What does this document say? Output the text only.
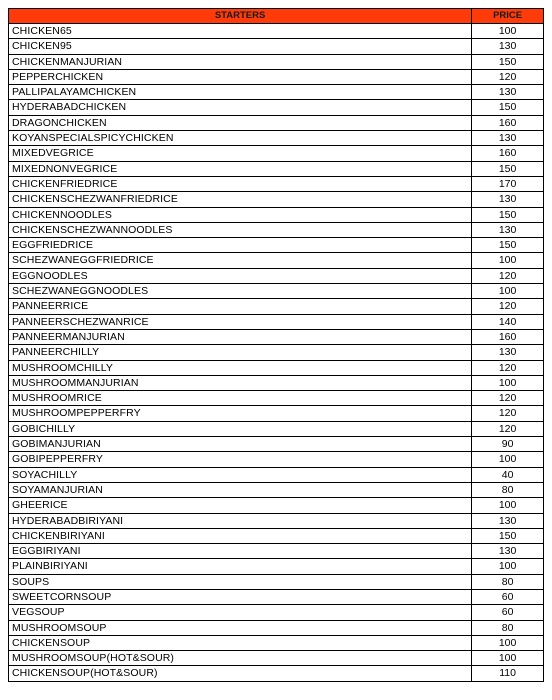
STARTERS	PRICE
CHICKEN65	100
CHICKEN95	130
CHICKENMANJURIAN	150
PEPPERCHICKEN	120
PALLIPALAYAMCHICKEN	130
HYDERABADCHICKEN	150
DRAGONCHICKEN	160
KOYANSPECIALSPICYCHICKEN	130
MIXEDVEGRICE	160
MIXEDNONVEGRICE	150
CHICKENFRIEDRICE	170
CHICKENSCHEZWANFRIEDRICE	130
CHICKENNOODLES	150
CHICKENSCHEZWANNOODLES	130
EGGFRIEDRICE	150
SCHEZWANEGGFRIEDRICE	100
EGGNOODLES	120
SCHEZWANEGGNOODLES	100
PANNEERRICE	120
PANNEERSCHEZWANRICE	140
PANNEERMANJURIAN	160
PANNEERCHILLY	130
MUSHROOMCHILLY	120
MUSHROOMMANJURIAN	100
MUSHROOMRICE	120
MUSHROOMPEPPERFRY	120
GOBICHILLY	120
GOBIMANJURIAN	90
GOBIPEPPERFRY	100
SOYACHILLY	40
SOYAMANJURIAN	80
GHEERICE	100
HYDERABADBIRIYANI	130
CHICKENBIRIYANI	150
EGGBIRIYANI	130
PLAINBIRIYANI	100
SOUPS	80
SWEETCORNSOUP	60
VEGSOUP	60
MUSHROOMSOUP	80
CHICKENSOUP	100
MUSHROOMSOUP(HOT&SOUR)	100
CHICKENSOUP(HOT&SOUR)	110
